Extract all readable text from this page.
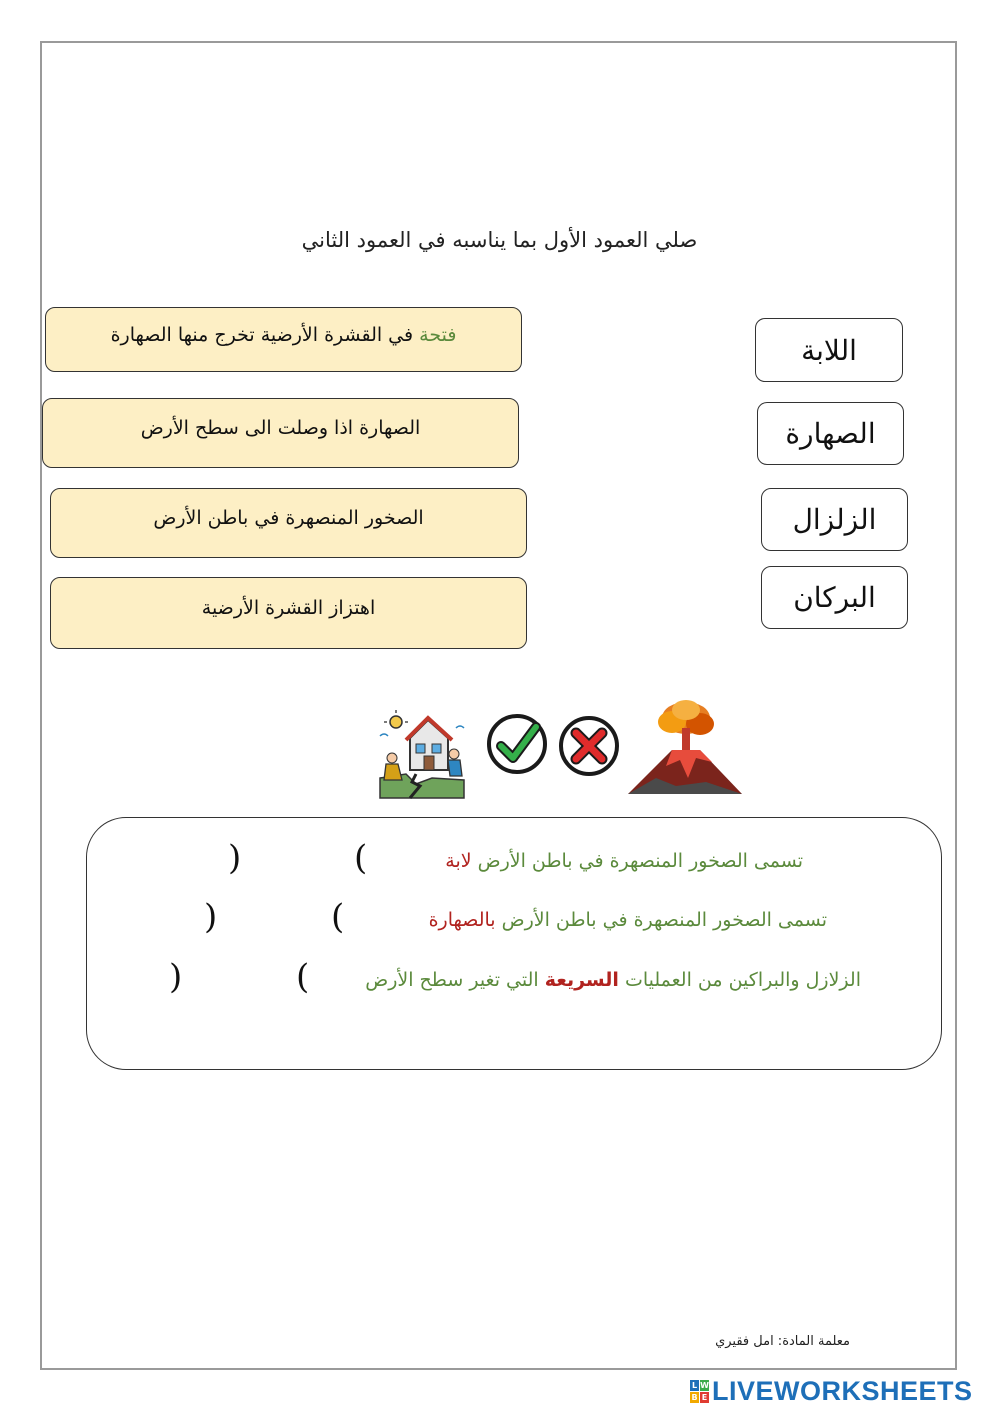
صلي العمود الأول بما يناسبه في العمود الثاني
فتحة في القشرة الأرضية تخرج منها الصهارة
الصهارة اذا وصلت الى سطح الأرض
الصخور المنصهرة في باطن الأرض
اهتزاز القشرة الأرضية
اللابة
الصهارة
الزلزال
البركان
تسمى الصخور المنصهرة في باطن الأرض لابة
(
)
تسمى الصخور المنصهرة في باطن الأرض بالصهارة
(
)
الزلازل والبراكين من العمليات السريعة التي تغير سطح الأرض
(
)
معلمة المادة: امل فقيري
L W
B E LIVEWORKSHEETS
